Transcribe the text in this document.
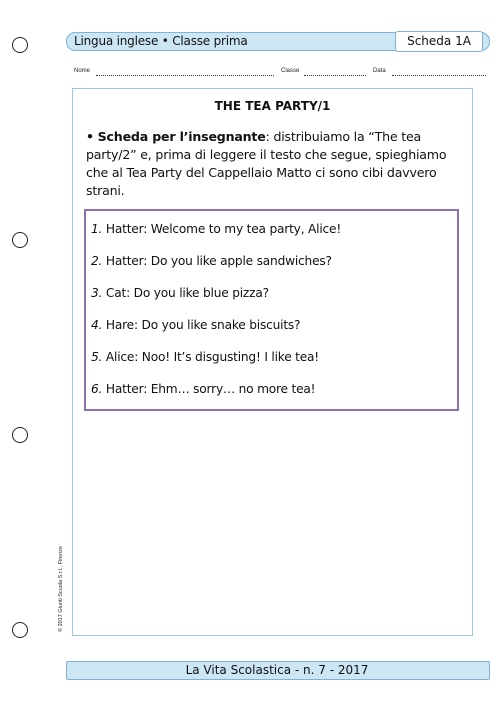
Lingua inglese • Classe prima	Scheda 1A
Nome	Classe	Data
THE TEA PARTY/1
• Scheda per l’insegnante: distribuiamo la “The tea party/2” e, prima di leggere il testo che segue, spieghiamo che al Tea Party del Cappellaio Matto ci sono cibi davvero strani.
1. Hatter: Welcome to my tea party, Alice!
2. Hatter: Do you like apple sandwiches?
3. Cat: Do you like blue pizza?
4. Hare: Do you like snake biscuits?
5. Alice: Noo! It’s disgusting! I like tea!
6. Hatter: Ehm… sorry… no more tea!
© 2017 Giunti Scuola S.r.l., Firenze
La Vita Scolastica - n. 7 - 2017
